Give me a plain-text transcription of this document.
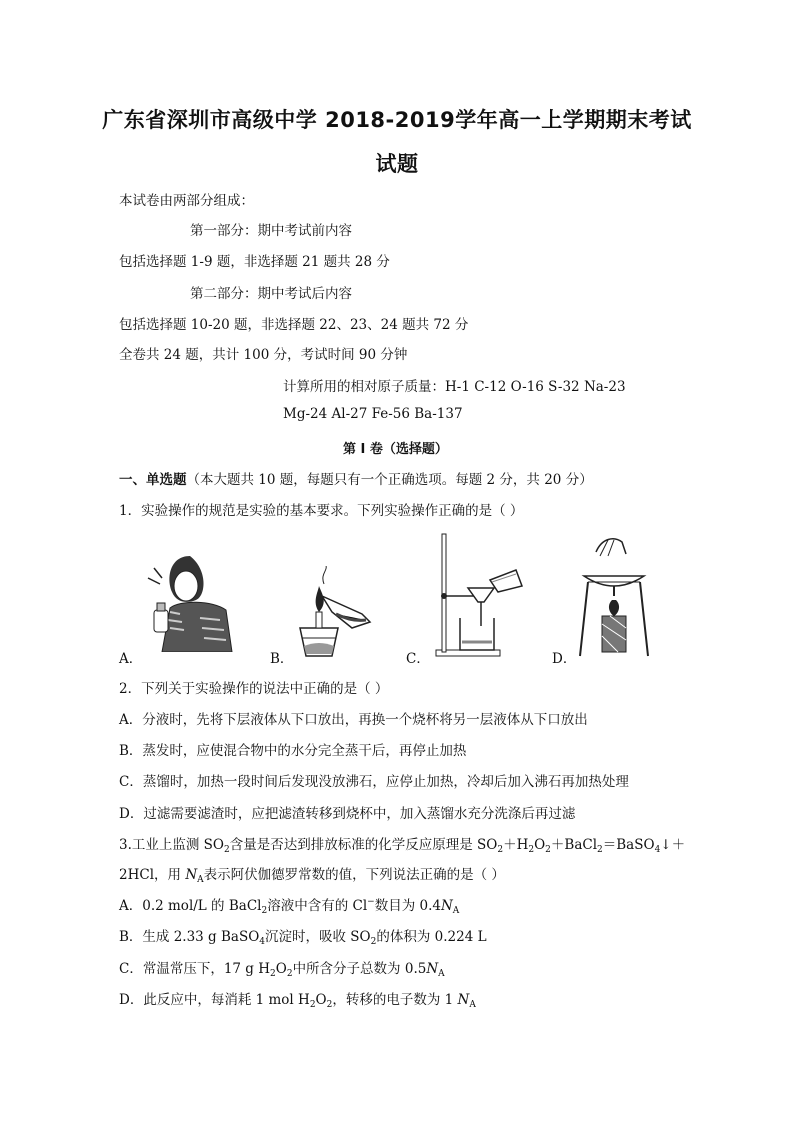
广东省深圳市高级中学 2018-2019学年高一上学期期末考试
试题
本试卷由两部分组成：
第一部分：期中考试前内容
包括选择题 1-9 题，非选择题 21 题共 28 分
第二部分：期中考试后内容
包括选择题 10-20 题，非选择题 22、23、24 题共 72 分
全卷共 24 题，共计 100 分，考试时间 90 分钟
计算所用的相对原子质量：H-1 C-12 O-16 S-32 Na-23
Mg-24 Al-27 Fe-56 Ba-137
第 I 卷（选择题）
一、单选题（本大题共 10 题，每题只有一个正确选项。每题 2 分，共 20 分）
1．实验操作的规范是实验的基本要求。下列实验操作正确的是（ ）
A．	B．	C．	D．
2．下列关于实验操作的说法中正确的是（ ）
A．分液时，先将下层液体从下口放出，再换一个烧杯将另一层液体从下口放出
B．蒸发时，应使混合物中的水分完全蒸干后，再停止加热
C．蒸馏时，加热一段时间后发现没放沸石，应停止加热，冷却后加入沸石再加热处理
D．过滤需要滤渣时，应把滤渣转移到烧杯中，加入蒸馏水充分洗涤后再过滤
3.工业上监测 $SO_2$含量是否达到排放标准的化学反应原理是 $SO_2+H_2O_2+BaCl_2=BaSO_4↓+$
2HCl，用 $N_A$表示阿伏伽德罗常数的值，下列说法正确的是（ ）
A．0.2 mol/L 的 BaCl$_2$溶液中含有的 Cl−数目为 $0.4N_A$
B．生成 2.33 g BaSO$_4$沉淀时，吸收 $SO_2$的体积为 0.224 L
C．常温常压下，17 g $H_2O_2$中所含分子总数为 $0.5N_A$
D．此反应中，每消耗 1 mol $H_2O_2$，转移的电子数为 1 $N_A$
